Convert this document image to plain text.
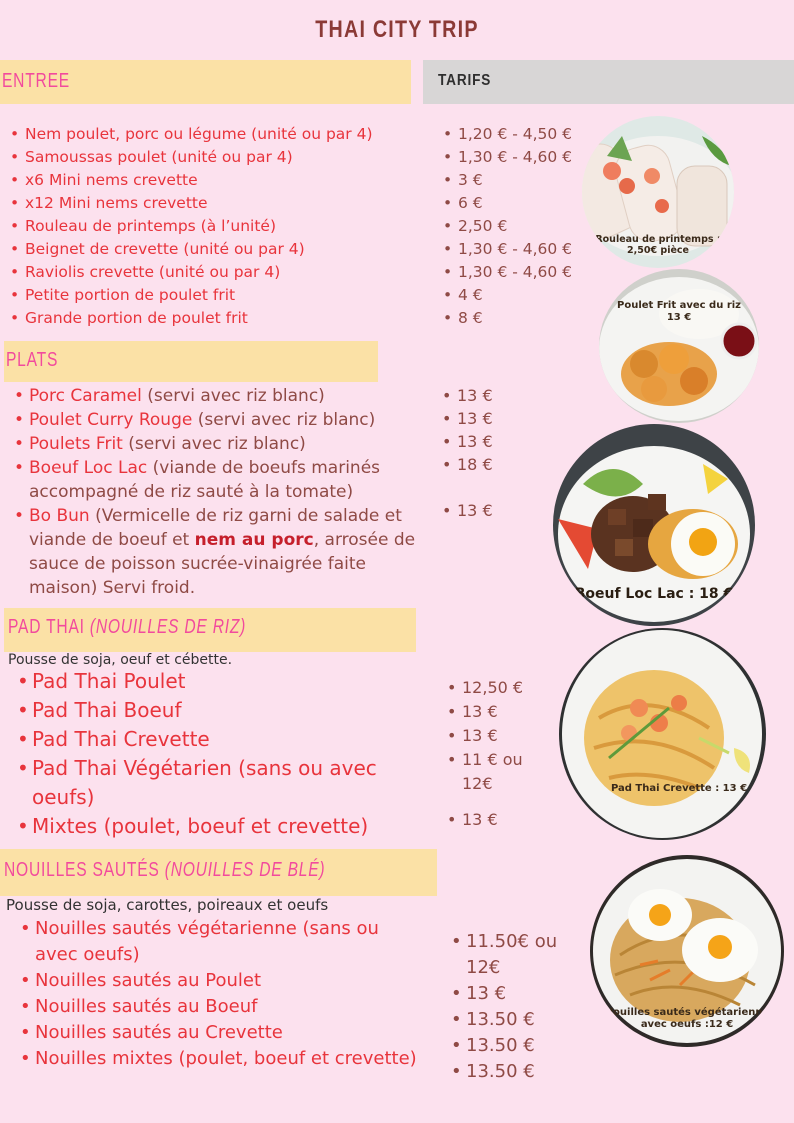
THAI CITY TRIP
ENTREE	TARIFS
PLATS
PAD THAI (NOUILLES DE RIZ)
NOUILLES SAUTÉS (NOUILLES DE BLÉ)
• Nem poulet, porc ou légume (unité ou par 4)
• Samoussas poulet (unité ou par 4)
• x6 Mini nems crevette
• x12 Mini nems crevette
• Rouleau de printemps (à l’unité)
• Beignet de crevette (unité ou par 4)
• Raviolis crevette (unité ou par 4)
• Petite portion de poulet frit
• Grande portion de poulet frit
• 1,20 € - 4,50 €
• 1,30 € - 4,60 €
• 3 €
• 6 €
• 2,50 €
• 1,30 € - 4,60 €
• 1,30 € - 4,60 €
• 4 €
• 8 €
• Porc Caramel (servi avec riz blanc)
• Poulet Curry Rouge (servi avec riz blanc)
• Poulets Frit (servi avec riz blanc)
• Boeuf Loc Lac (viande de boeufs marinés accompagné de riz sauté à la tomate)
• Bo Bun (Vermicelle de riz garni de salade et viande de boeuf et nem au porc, arrosée de sauce de poisson sucrée-vinaigrée faite maison) Servi froid.
• 13 €
• 13 €
• 13 €
• 18 €
• 13 €
Pousse de soja, oeuf et cébette.
• Pad Thai Poulet
• Pad Thai Boeuf
• Pad Thai Crevette
• Pad Thai Végétarien (sans ou avec oeufs)
• Mixtes (poulet, boeuf et crevette)
• 12,50 €
• 13 €
• 13 €
• 11 € ou 12€
• 13 €
Pousse de soja, carottes, poireaux et oeufs
• Nouilles sautés végétarienne (sans ou avec oeufs)
• Nouilles sautés au Poulet
• Nouilles sautés au Boeuf
• Nouilles sautés au Crevette
• Nouilles mixtes (poulet, boeuf et crevette)
• 11.50€ ou 12€
• 13 €
• 13.50 €
• 13.50 €
• 13.50 €
Rouleau de printemps : 2,50€ pièce
Poulet Frit avec du riz 13 €
Boeuf Loc Lac : 18 €
Pad Thai Crevette : 13 €
Nouilles sautés végétarienne avec oeufs :12 €
